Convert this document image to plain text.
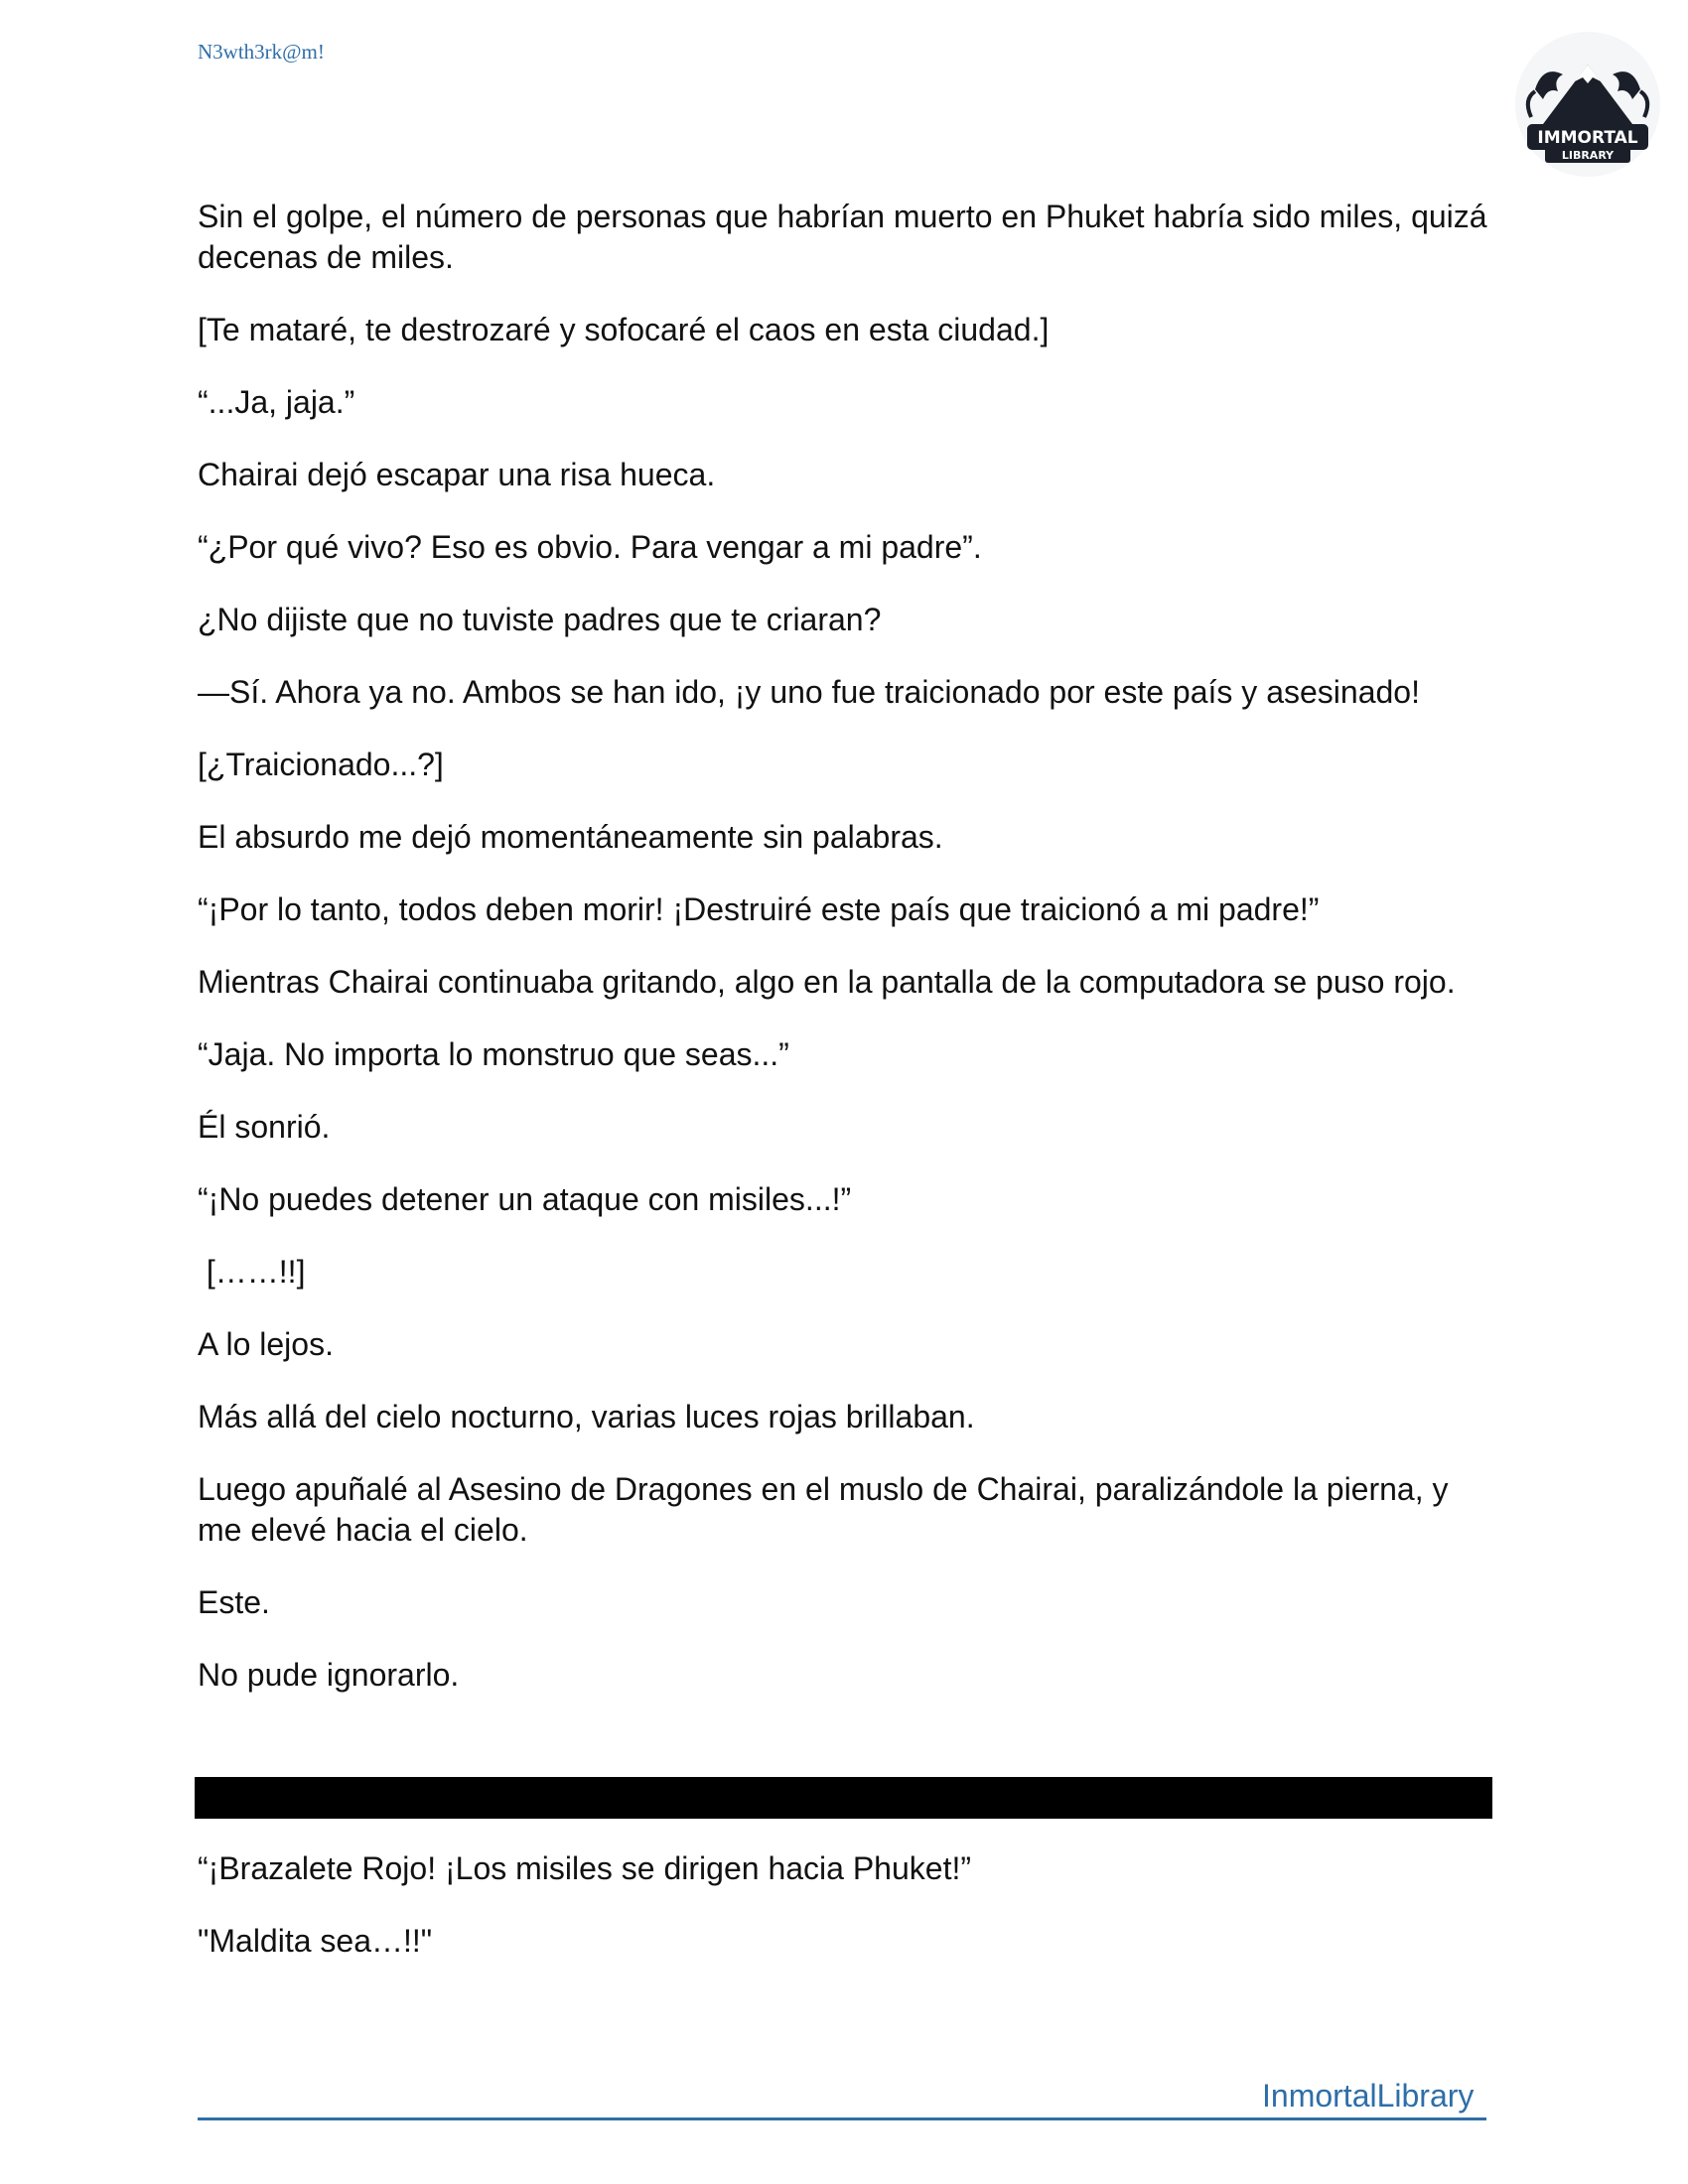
N3wth3rk@m!
IMMORTAL
LIBRARY

Sin el golpe, el número de personas que habrían muerto en Phuket habría sido miles, quizá decenas de miles.

[Te mataré, te destrozaré y sofocaré el caos en esta ciudad.]

“...Ja, jaja.”

Chairai dejó escapar una risa hueca.

“¿Por qué vivo? Eso es obvio. Para vengar a mi padre”.

¿No dijiste que no tuviste padres que te criaran?

—Sí. Ahora ya no. Ambos se han ido, ¡y uno fue traicionado por este país y asesinado!

[¿Traicionado...?]

El absurdo me dejó momentáneamente sin palabras.

“¡Por lo tanto, todos deben morir! ¡Destruiré este país que traicionó a mi padre!”

Mientras Chairai continuaba gritando, algo en la pantalla de la computadora se puso rojo.

“Jaja. No importa lo monstruo que seas...”

Él sonrió.

“¡No puedes detener un ataque con misiles...!”

[……!!]

A lo lejos.

Más allá del cielo nocturno, varias luces rojas brillaban.

Luego apuñalé al Asesino de Dragones en el muslo de Chairai, paralizándole la pierna, y me elevé hacia el cielo.

Este.

No pude ignorarlo.

“¡Brazalete Rojo! ¡Los misiles se dirigen hacia Phuket!”

"Maldita sea…!!"

InmortalLibrary
